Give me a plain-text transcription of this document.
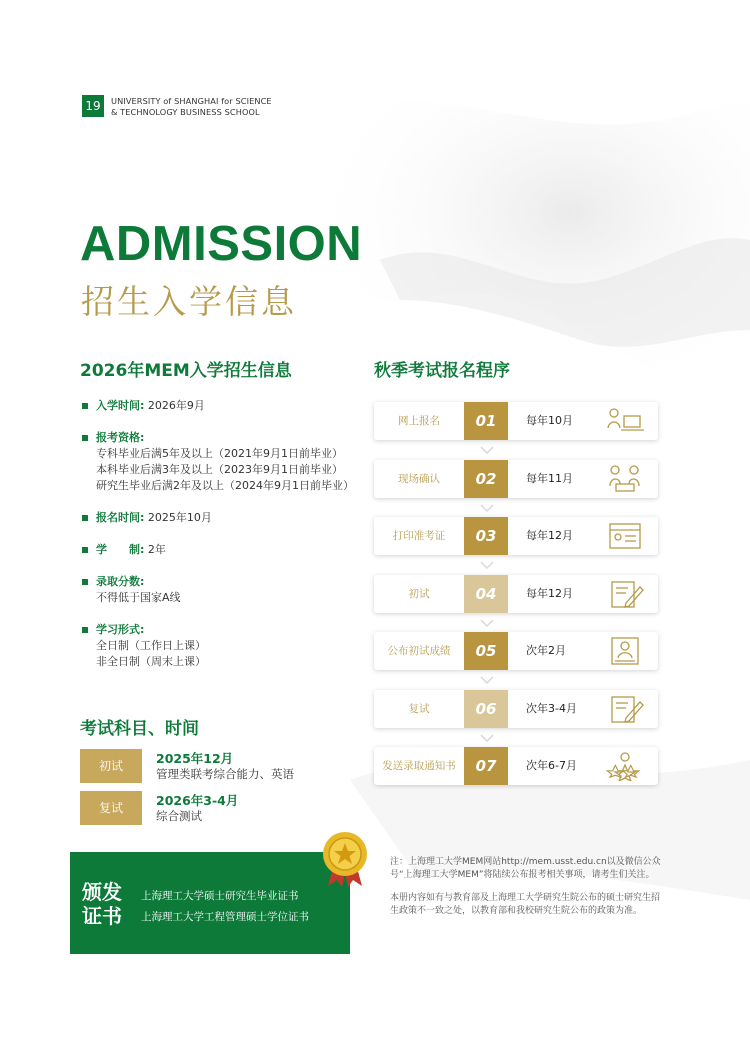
19	UNIVERSITY of SHANGHAI for SCIENCE
& TECHNOLOGY BUSINESS SCHOOL
ADMISSION
招生入学信息
2026年MEM入学招生信息
入学时间: 2026年9月
报考资格:
专科毕业后满5年及以上（2021年9月1日前毕业）
本科毕业后满3年及以上（2023年9月1日前毕业）
研究生毕业后满2年及以上（2024年9月1日前毕业）
报名时间: 2025年10月
学　　制: 2年
录取分数:
不得低于国家A线
学习形式:
全日制（工作日上课）
非全日制（周末上课）
考试科目、时间
初试	2025年12月
管理类联考综合能力、英语
复试	2026年3-4月
综合测试
颁发证书
上海理工大学硕士研究生毕业证书
上海理工大学工程管理硕士学位证书
秋季考试报名程序
网上报名	01	每年10月
现场确认	02	每年11月
打印准考证	03	每年12月
初试	04	每年12月
公布初试成绩	05	次年2月
复试	06	次年3-4月
发送录取通知书	07	次年6-7月

注：上海理工大学MEM网站http://mem.usst.edu.cn以及微信公众号“上海理工大学MEM”将陆续公布报考相关事项，请考生们关注。

本册内容如有与教育部及上海理工大学研究生院公布的硕士研究生招生政策不一致之处，以教育部和我校研究生院公布的政策为准。
